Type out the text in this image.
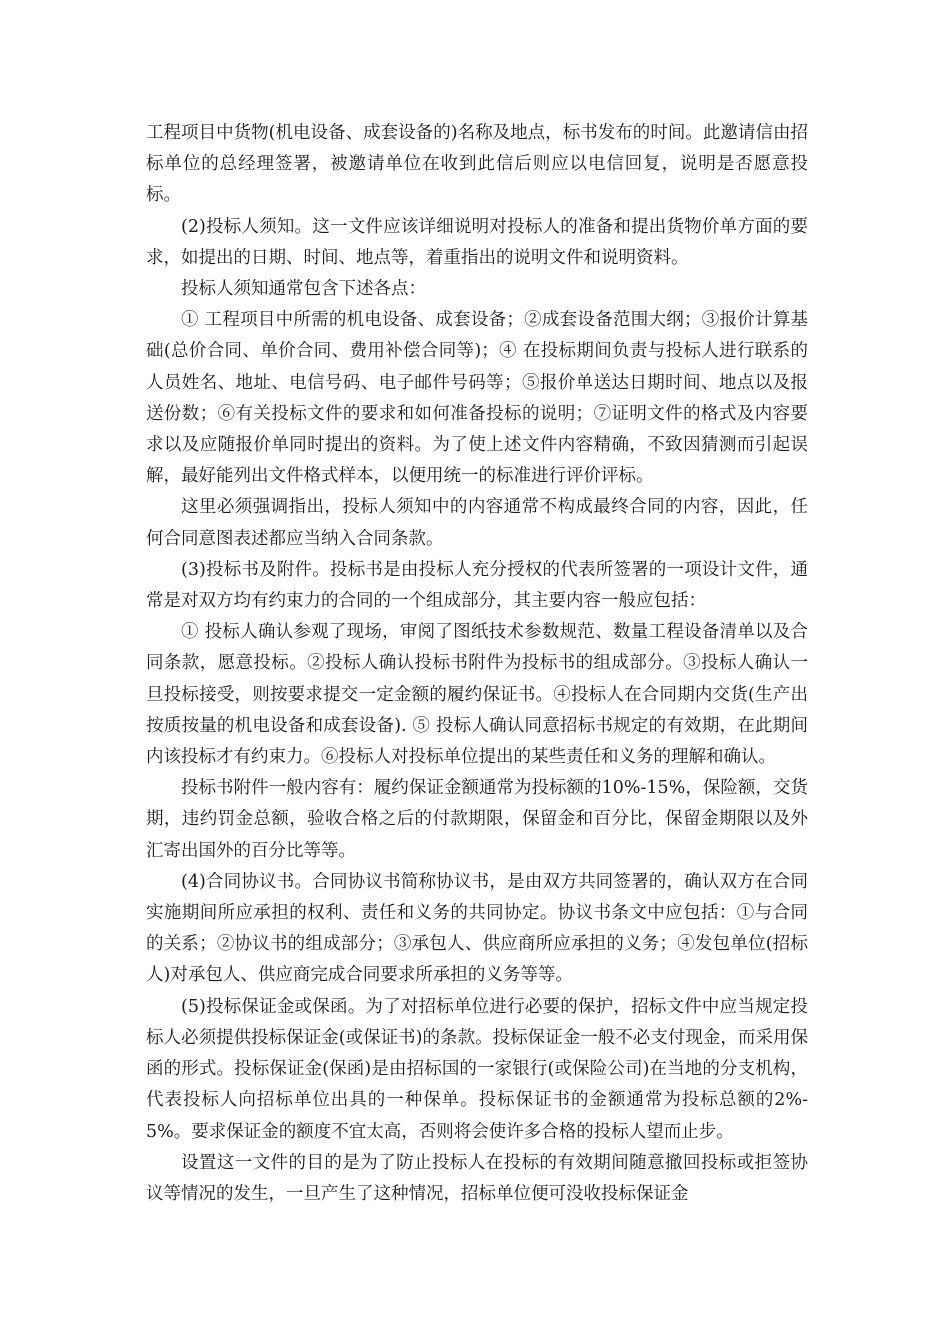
工程项目中货物(机电设备、成套设备的)名称及地点，标书发布的时间。此邀请信由招标单位的总经理签署，被邀请单位在收到此信后则应以电信回复，说明是否愿意投标。

(2)投标人须知。这一文件应该详细说明对投标人的准备和提出货物价单方面的要求，如提出的日期、时间、地点等，着重指出的说明文件和说明资料。

投标人须知通常包含下述各点：

① 工程项目中所需的机电设备、成套设备；②成套设备范围大纲；③报价计算基础(总价合同、单价合同、费用补偿合同等)；④ 在投标期间负责与投标人进行联系的人员姓名、地址、电信号码、电子邮件号码等；⑤报价单送达日期时间、地点以及报送份数；⑥有关投标文件的要求和如何准备投标的说明；⑦证明文件的格式及内容要求以及应随报价单同时提出的资料。为了使上述文件内容精确，不致因猜测而引起误解，最好能列出文件格式样本，以便用统一的标准进行评价评标。

这里必须强调指出，投标人须知中的内容通常不构成最终合同的内容，因此，任何合同意图表述都应当纳入合同条款。

(3)投标书及附件。投标书是由投标人充分授权的代表所签署的一项设计文件，通常是对双方均有约束力的合同的一个组成部分，其主要内容一般应包括：

① 投标人确认参观了现场，审阅了图纸技术参数规范、数量工程设备清单以及合同条款，愿意投标。②投标人确认投标书附件为投标书的组成部分。③投标人确认一旦投标接受，则按要求提交一定金额的履约保证书。④投标人在合同期内交货(生产出按质按量的机电设备和成套设备). ⑤ 投标人确认同意招标书规定的有效期，在此期间内该投标才有约束力。⑥投标人对投标单位提出的某些责任和义务的理解和确认。

投标书附件一般内容有：履约保证金额通常为投标额的10%-15%，保险额，交货期，违约罚金总额，验收合格之后的付款期限，保留金和百分比，保留金期限以及外汇寄出国外的百分比等等。

(4)合同协议书。合同协议书简称协议书，是由双方共同签署的，确认双方在合同实施期间所应承担的权利、责任和义务的共同协定。协议书条文中应包括：①与合同的关系；②协议书的组成部分；③承包人、供应商所应承担的义务；④发包单位(招标人)对承包人、供应商完成合同要求所承担的义务等等。

(5)投标保证金或保函。为了对招标单位进行必要的保护，招标文件中应当规定投标人必须提供投标保证金(或保证书)的条款。投标保证金一般不必支付现金，而采用保函的形式。投标保证金(保函)是由招标国的一家银行(或保险公司)在当地的分支机构，代表投标人向招标单位出具的一种保单。投标保证书的金额通常为投标总额的2%-5%。要求保证金的额度不宜太高，否则将会使许多合格的投标人望而止步。

设置这一文件的目的是为了防止投标人在投标的有效期间随意撤回投标或拒签协议等情况的发生，一旦产生了这种情况，招标单位便可没收投标保证金
